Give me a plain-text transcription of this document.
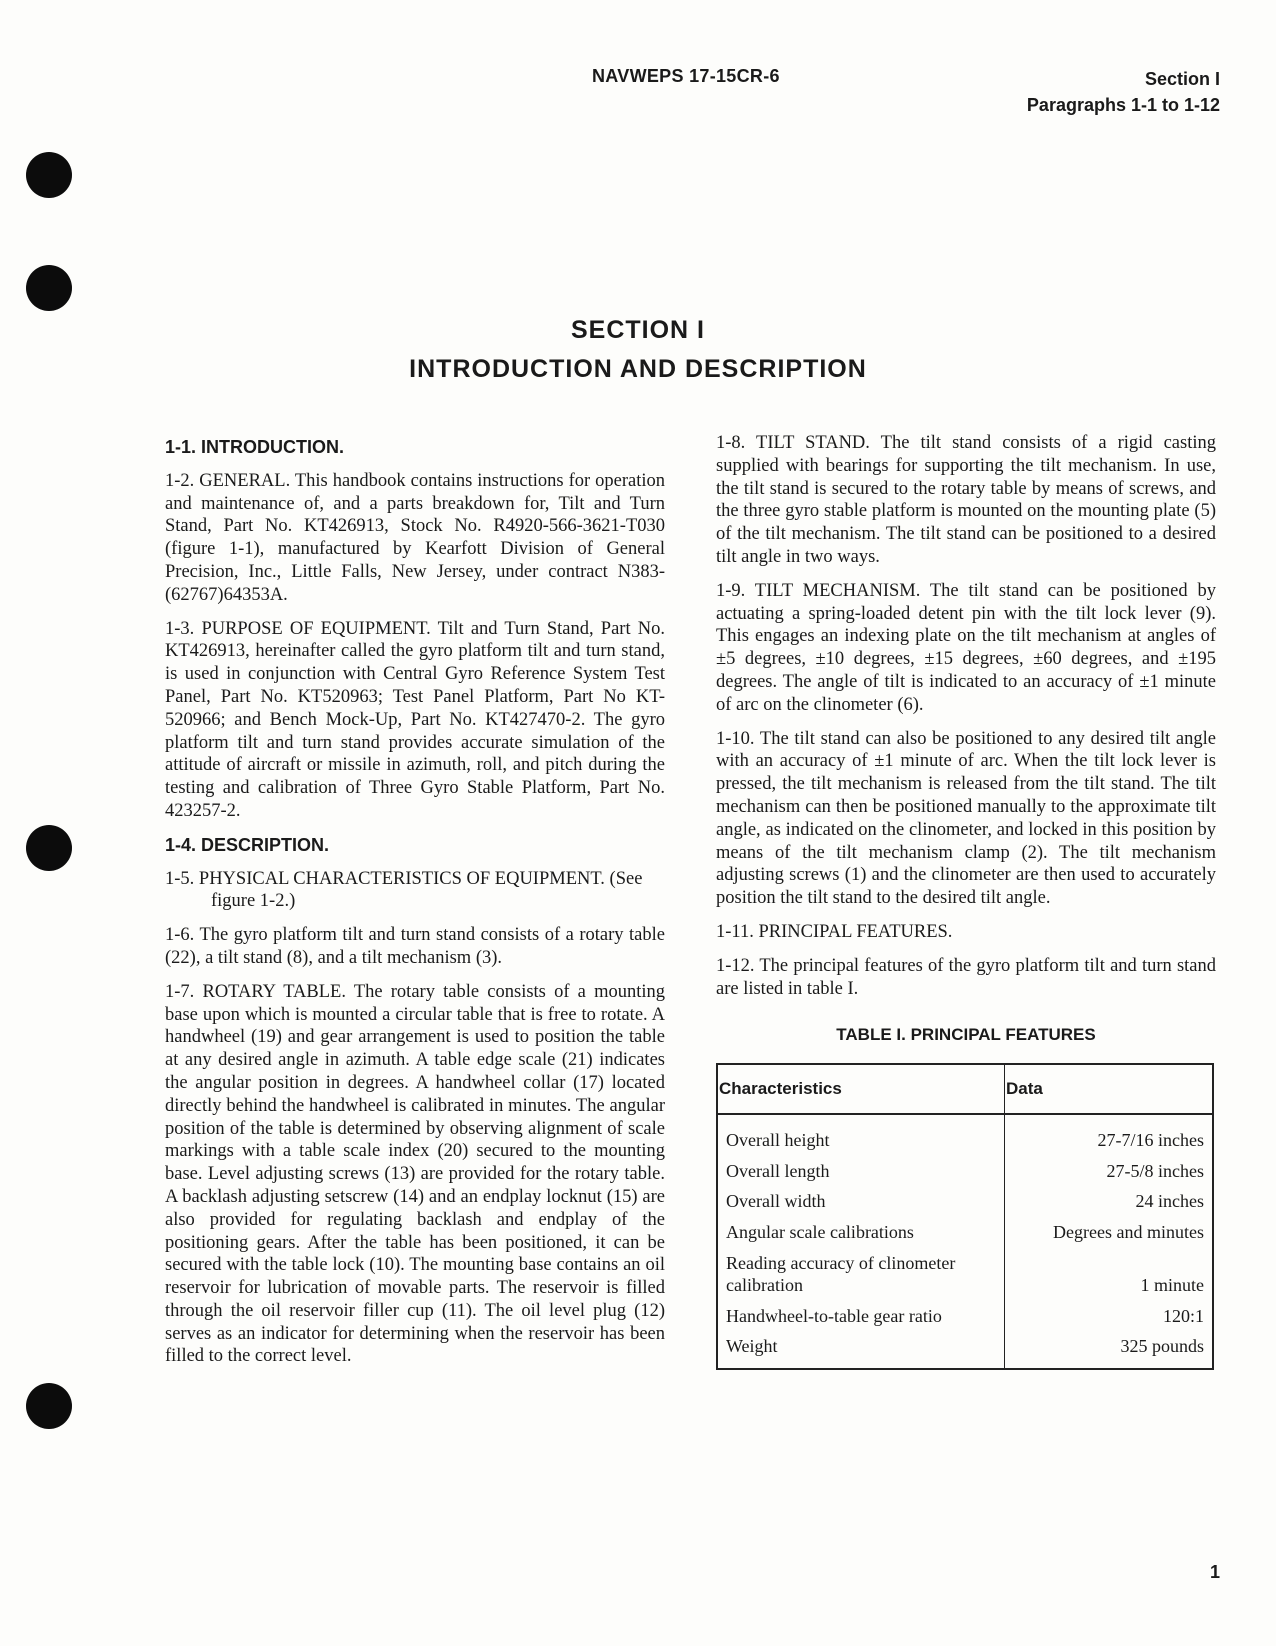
NAVWEPS 17-15CR-6	Section I
Paragraphs 1-1 to 1-12
SECTION I
INTRODUCTION AND DESCRIPTION
1-1. INTRODUCTION.

1-2. GENERAL. This handbook contains instructions for operation and maintenance of, and a parts breakdown for, Tilt and Turn Stand, Part No. KT426913, Stock No. R4920-566-3621-T030 (figure 1-1), manufactured by Kearfott Division of General Precision, Inc., Little Falls, New Jersey, under contract N383-(62767)64353A.

1-3. PURPOSE OF EQUIPMENT. Tilt and Turn Stand, Part No. KT426913, hereinafter called the gyro platform tilt and turn stand, is used in conjunction with Central Gyro Reference System Test Panel, Part No. KT520963; Test Panel Platform, Part No KT-520966; and Bench Mock-Up, Part No. KT427470-2. The gyro platform tilt and turn stand provides accurate simulation of the attitude of aircraft or missile in azimuth, roll, and pitch during the testing and calibration of Three Gyro Stable Platform, Part No. 423257-2.

1-4. DESCRIPTION.

1-5. PHYSICAL CHARACTERISTICS OF EQUIPMENT. (See figure 1-2.)

1-6. The gyro platform tilt and turn stand consists of a rotary table (22), a tilt stand (8), and a tilt mechanism (3).

1-7. ROTARY TABLE. The rotary table consists of a mounting base upon which is mounted a circular table that is free to rotate. A handwheel (19) and gear arrangement is used to position the table at any desired angle in azimuth. A table edge scale (21) indicates the angular position in degrees. A handwheel collar (17) located directly behind the handwheel is calibrated in minutes. The angular position of the table is determined by observing alignment of scale markings with a table scale index (20) secured to the mounting base. Level adjusting screws (13) are provided for the rotary table. A backlash adjusting setscrew (14) and an endplay locknut (15) are also provided for regulating backlash and endplay of the positioning gears. After the table has been positioned, it can be secured with the table lock (10). The mounting base contains an oil reservoir for lubrication of movable parts. The reservoir is filled through the oil reservoir filler cup (11). The oil level plug (12) serves as an indicator for determining when the reservoir has been filled to the correct level.

1-8. TILT STAND. The tilt stand consists of a rigid casting supplied with bearings for supporting the tilt mechanism. In use, the tilt stand is secured to the rotary table by means of screws, and the three gyro stable platform is mounted on the mounting plate (5) of the tilt mechanism. The tilt stand can be positioned to a desired tilt angle in two ways.

1-9. TILT MECHANISM. The tilt stand can be positioned by actuating a spring-loaded detent pin with the tilt lock lever (9). This engages an indexing plate on the tilt mechanism at angles of ±5 degrees, ±10 degrees, ±15 degrees, ±60 degrees, and ±195 degrees. The angle of tilt is indicated to an accuracy of ±1 minute of arc on the clinometer (6).

1-10. The tilt stand can also be positioned to any desired tilt angle with an accuracy of ±1 minute of arc. When the tilt lock lever is pressed, the tilt mechanism is released from the tilt stand. The tilt mechanism can then be positioned manually to the approximate tilt angle, as indicated on the clinometer, and locked in this position by means of the tilt mechanism clamp (2). The tilt mechanism adjusting screws (1) and the clinometer are then used to accurately position the tilt stand to the desired tilt angle.

1-11. PRINCIPAL FEATURES.

1-12. The principal features of the gyro platform tilt and turn stand are listed in table I.

TABLE I. PRINCIPAL FEATURES
Characteristics	Data
Overall height	27-7/16 inches
Overall length	27-5/8 inches
Overall width	24 inches
Angular scale calibrations	Degrees and minutes
Reading accuracy of clinometer calibration	1 minute
Handwheel-to-table gear ratio	120:1
Weight	325 pounds
1
